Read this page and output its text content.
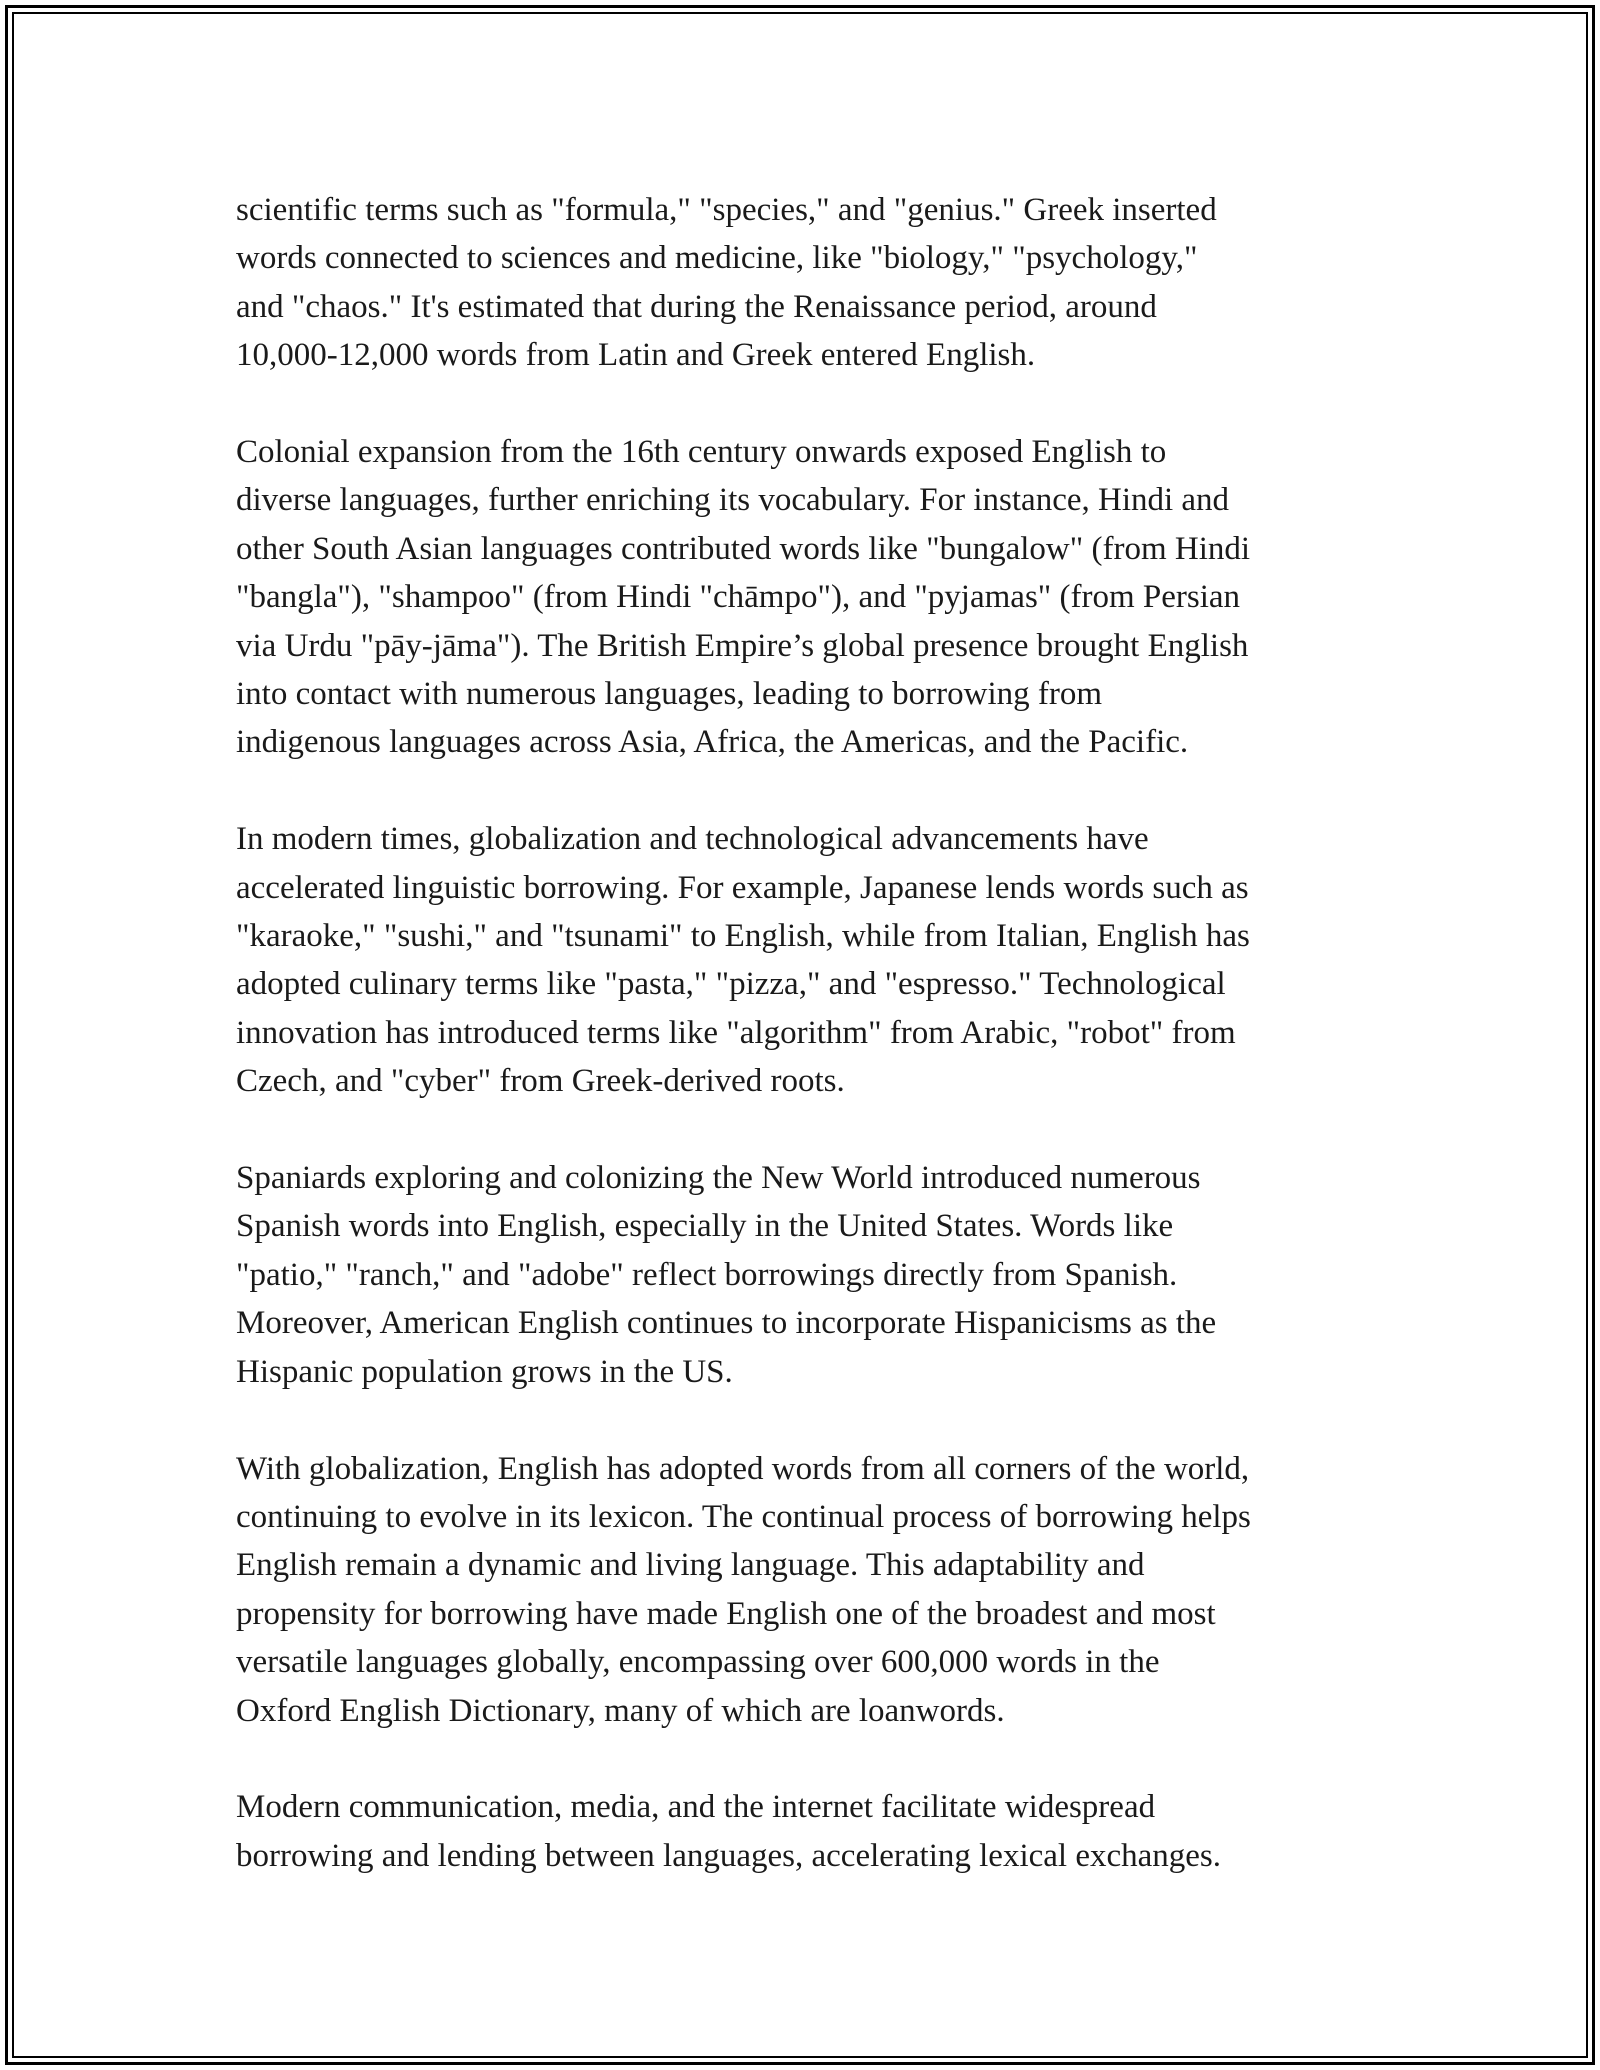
scientific terms such as "formula," "species," and "genius." Greek inserted
words connected to sciences and medicine, like "biology," "psychology,"
and "chaos." It's estimated that during the Renaissance period, around
10,000-12,000 words from Latin and Greek entered English.

Colonial expansion from the 16th century onwards exposed English to
diverse languages, further enriching its vocabulary. For instance, Hindi and
other South Asian languages contributed words like "bungalow" (from Hindi
"bangla"), "shampoo" (from Hindi "chāmpo"), and "pyjamas" (from Persian
via Urdu "pāy-jāma"). The British Empire’s global presence brought English
into contact with numerous languages, leading to borrowing from
indigenous languages across Asia, Africa, the Americas, and the Pacific.

In modern times, globalization and technological advancements have
accelerated linguistic borrowing. For example, Japanese lends words such as
"karaoke," "sushi," and "tsunami" to English, while from Italian, English has
adopted culinary terms like "pasta," "pizza," and "espresso." Technological
innovation has introduced terms like "algorithm" from Arabic, "robot" from
Czech, and "cyber" from Greek-derived roots.

Spaniards exploring and colonizing the New World introduced numerous
Spanish words into English, especially in the United States. Words like
"patio," "ranch," and "adobe" reflect borrowings directly from Spanish.
Moreover, American English continues to incorporate Hispanicisms as the
Hispanic population grows in the US.

With globalization, English has adopted words from all corners of the world,
continuing to evolve in its lexicon. The continual process of borrowing helps
English remain a dynamic and living language. This adaptability and
propensity for borrowing have made English one of the broadest and most
versatile languages globally, encompassing over 600,000 words in the
Oxford English Dictionary, many of which are loanwords.

Modern communication, media, and the internet facilitate widespread
borrowing and lending between languages, accelerating lexical exchanges.
